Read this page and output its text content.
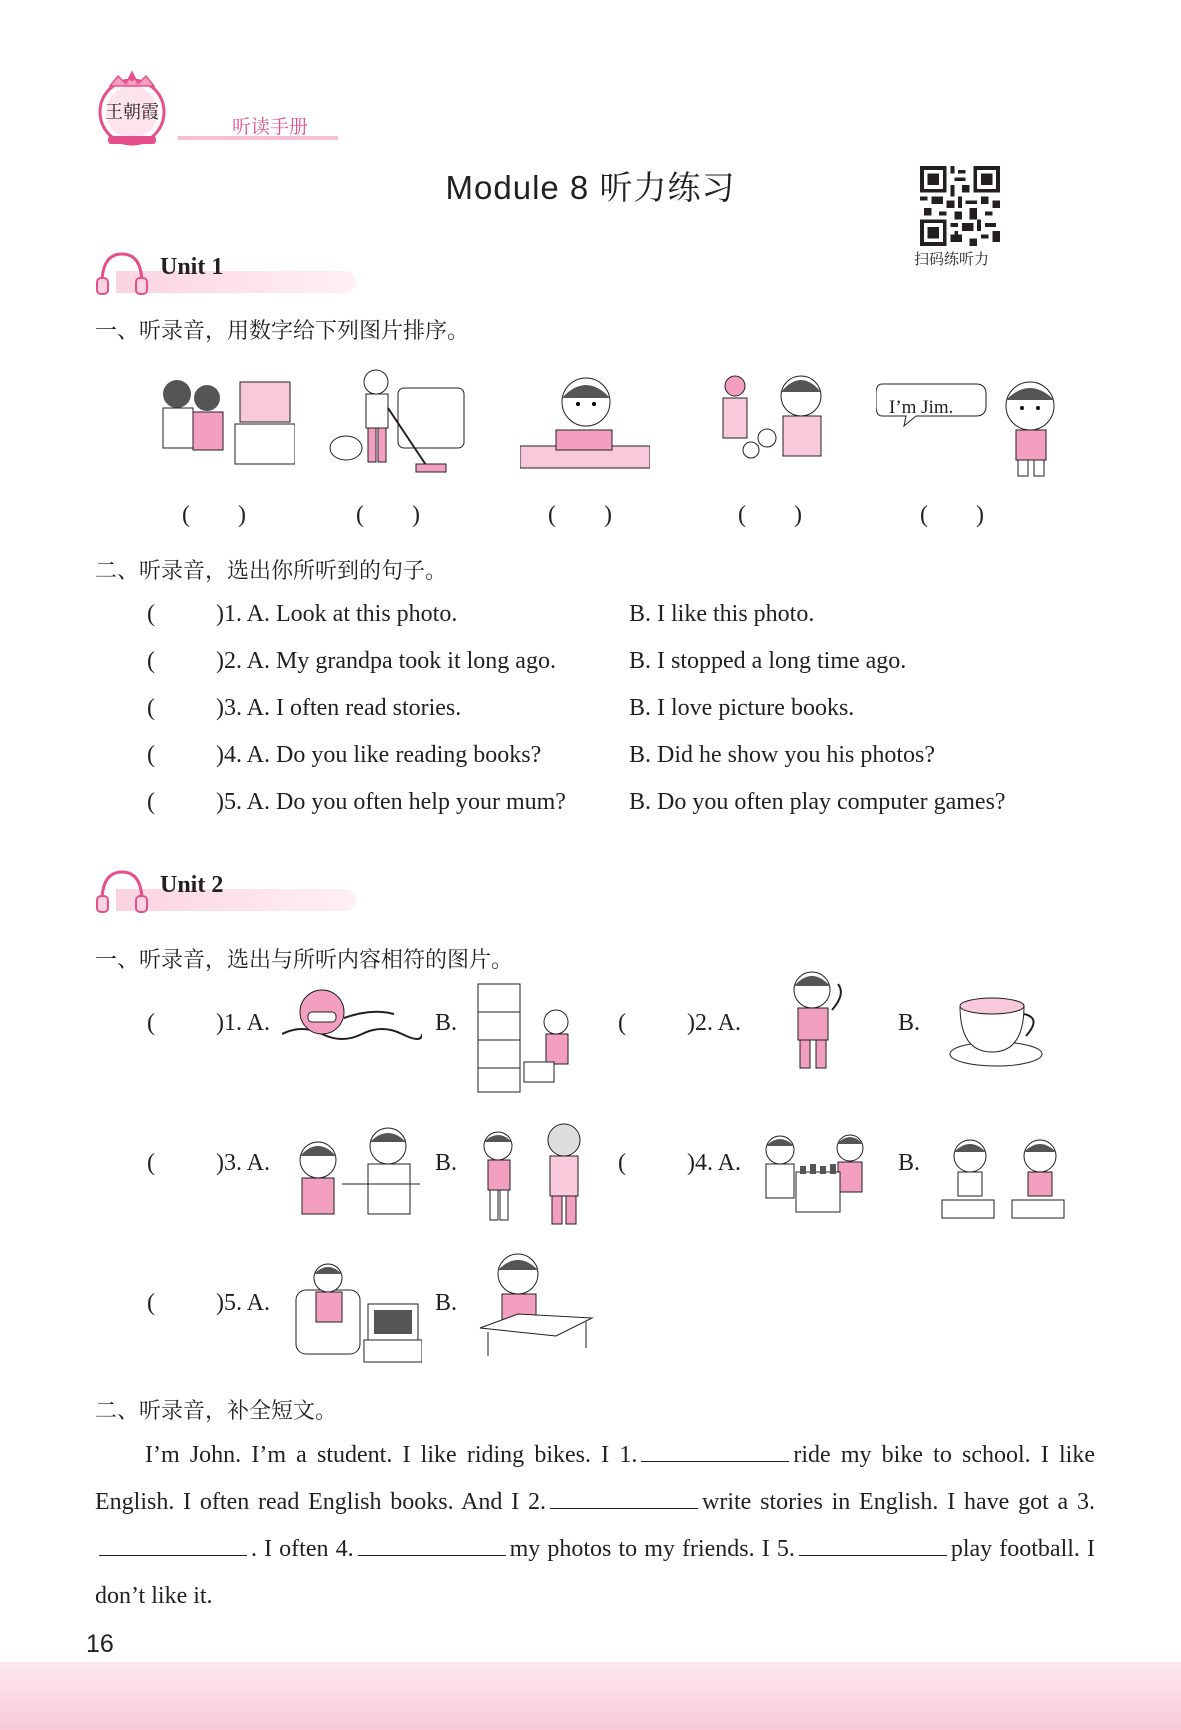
王朝霞
听读手册
Module 8 听力练习
扫码练听力
Unit 1
一、听录音，用数字给下列图片排序。
I’m Jim.
(　　)	(　　)	(　　)	(　　)	(　　)
二、听录音，选出你所听到的句子。
(	)1. A. Look at this photo.	B. I like this photo.
(	)2. A. My grandpa took it long ago.	B. I stopped a long time ago.
(	)3. A. I often read stories.	B. I love picture books.
(	)4. A. Do you like reading books?	B. Did he show you his photos?
(	)5. A. Do you often help your mum?	B. Do you often play computer games?
Unit 2
一、听录音，选出与所听内容相符的图片。
(	)1. A.	B.	(	)2. A.	B.
(	)3. A.	B.	(	)4. A.	B.
(	)5. A.	B.
二、听录音，补全短文。
I’m John. I’m a student. I like riding bikes. I 1.	ride my bike to school. I like English. I often read English books. And I 2.	write stories in English. I have got a 3.. I often 4.	my photos to my friends. I 5.	play football. I don’t like it.
16
